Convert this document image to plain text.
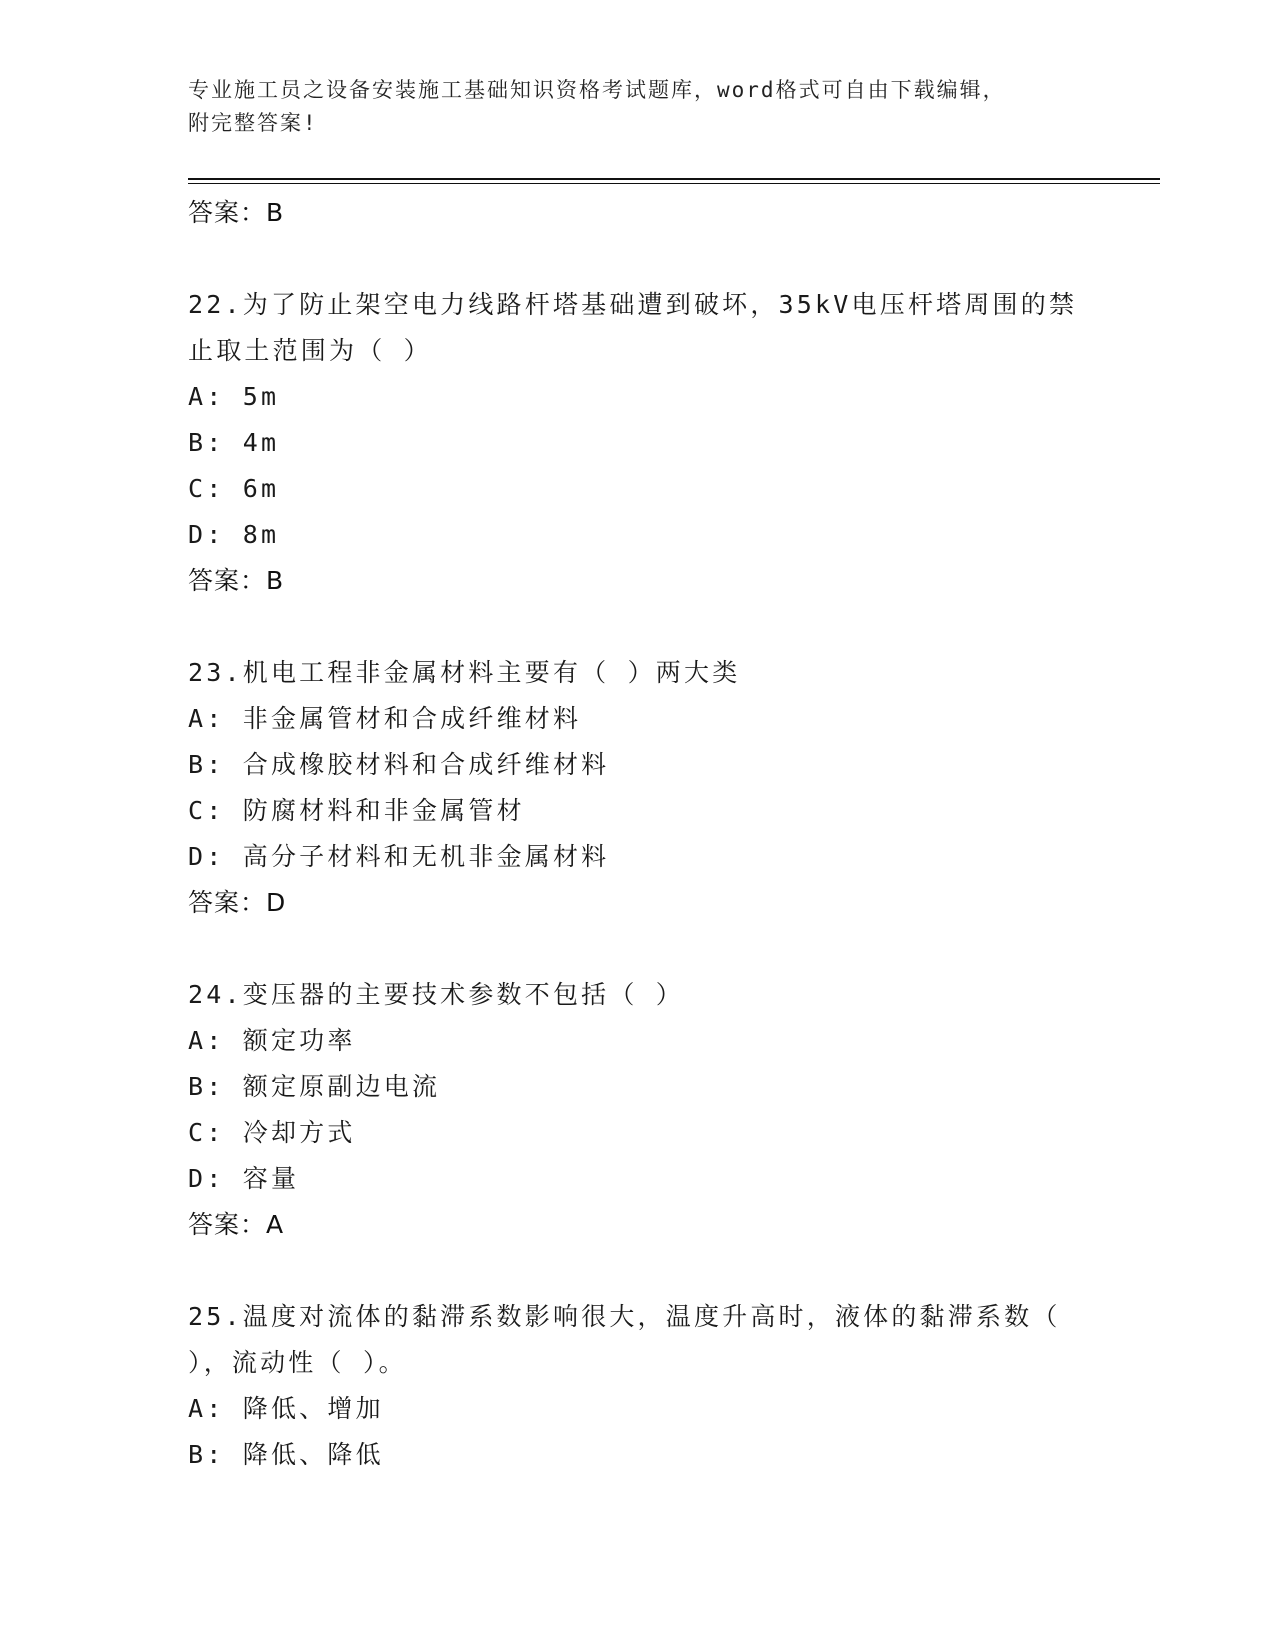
专业施工员之设备安装施工基础知识资格考试题库，word格式可自由下载编辑，
附完整答案!
答案：B
22.为了防止架空电力线路杆塔基础遭到破坏，35kV电压杆塔周围的禁
止取土范围为（ ）
A: 5m
B: 4m
C: 6m
D: 8m
答案：B
23.机电工程非金属材料主要有（ ）两大类
A: 非金属管材和合成纤维材料
B: 合成橡胶材料和合成纤维材料
C: 防腐材料和非金属管材
D: 高分子材料和无机非金属材料
答案：D
24.变压器的主要技术参数不包括（ ）
A: 额定功率
B: 额定原副边电流
C: 冷却方式
D: 容量
答案：A
25.温度对流体的黏滞系数影响很大，温度升高时，液体的黏滞系数（
），流动性（ ）。
A: 降低、增加
B: 降低、降低
